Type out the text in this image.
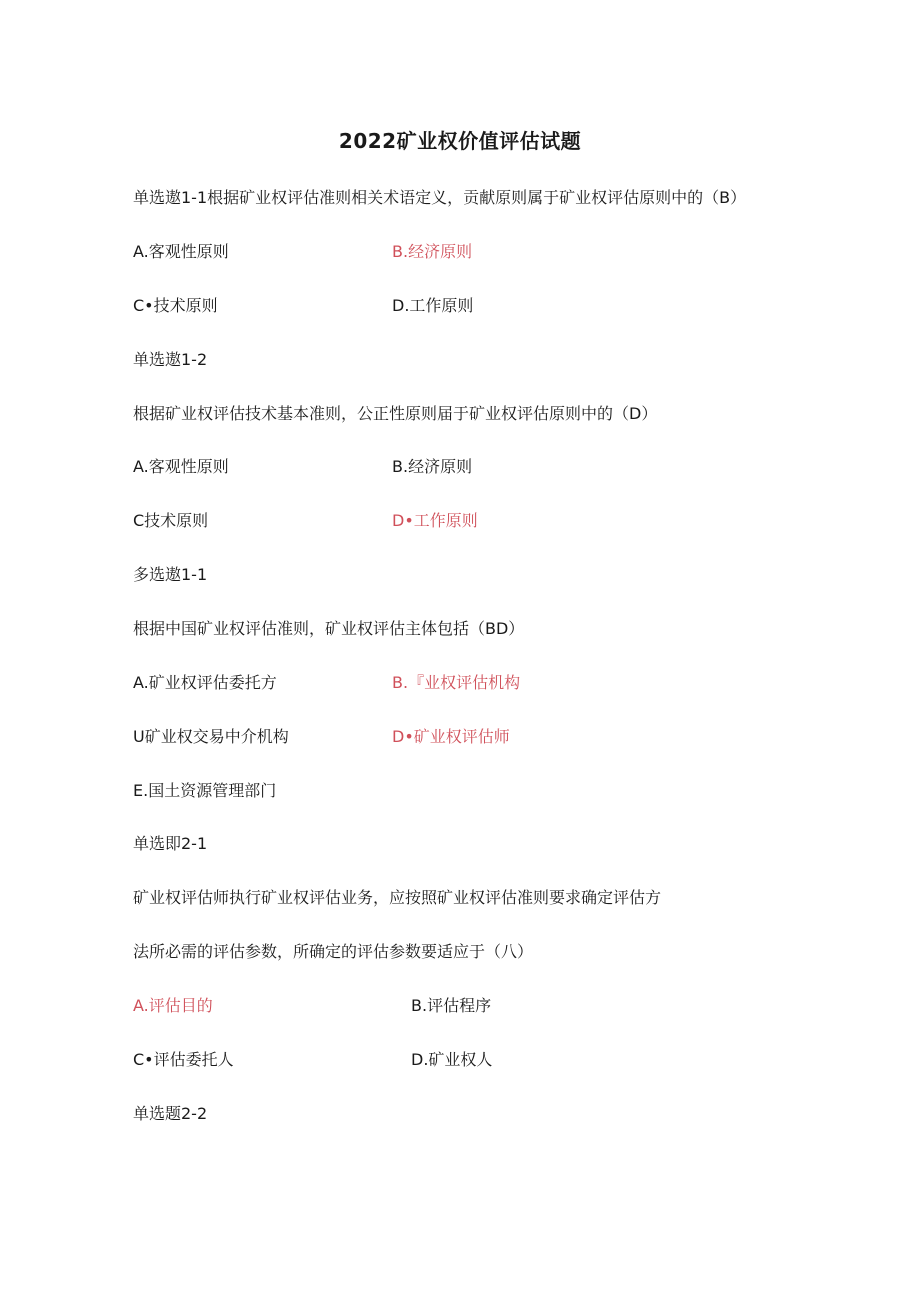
2022矿业权价值评估试题

单选遨1-1根据矿业权评估准则相关术语定义，贡献原则属于矿业权评估原则中的（B）

A.客观性原则	B.经济原则
C•技术原则	D.工作原则

单选遨1-2

根据矿业权评估技术基本准则，公正性原则届于矿业权评估原则中的（D）

A.客观性原则	B.经济原则
C技术原则	D•工作原则

多选遨1-1

根据中国矿业权评估准则，矿业权评估主体包括（BD）

A.矿业权评估委托方	B.『业权评估机构
U矿业权交易中介机构	D•矿业权评估师
E.国土资源管理部门

单选即2-1

矿业权评估师执行矿业权评估业务，应按照矿业权评估准则要求确定评估方

法所必需的评估参数，所确定的评估参数要适应于（八）

A.评估目的	B.评估程序
C•评估委托人	D.矿业权人

单选题2-2
